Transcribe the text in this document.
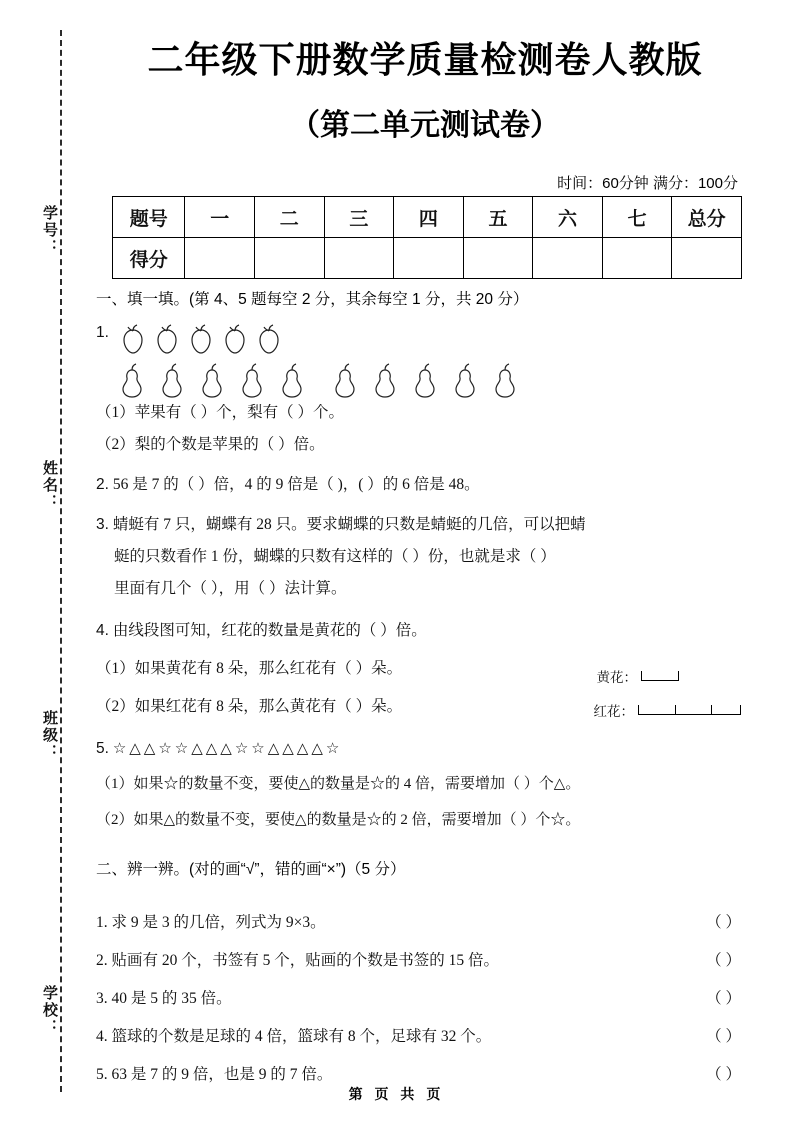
学号：
姓名：
班级：
学校：
二年级下册数学质量检测卷人教版
（第二单元测试卷）
时间：60分钟 满分：100分
题号	一	二	三	四	五	六	七	总分
得分								
一、填一填。(第 4、5 题每空 2 分，其余每空 1 分，共 20 分）
1.
（1）苹果有（ ）个，梨有（ ）个。
（2）梨的个数是苹果的（ ）倍。
2. 56 是 7 的（ ）倍，4 的 9 倍是（ )，( ）的 6 倍是 48。
3. 蜻蜓有 7 只，蝴蝶有 28 只。要求蝴蝶的只数是蜻蜓的几倍，可以把蜻
蜓的只数看作 1 份，蝴蝶的只数有这样的（ ）份，也就是求（ ）
里面有几个（ ），用（ ）法计算。
4. 由线段图可知，红花的数量是黄花的（ ）倍。
（1）如果黄花有 8 朵，那么红花有（ ）朵。
（2）如果红花有 8 朵，那么黄花有（ ）朵。
黄花：
红花：
5. ☆△△☆☆△△△☆☆△△△△☆
（1）如果☆的数量不变，要使△的数量是☆的 4 倍，需要增加（ ）个△。
（2）如果△的数量不变，要使△的数量是☆的 2 倍，需要增加（ ）个☆。
二、辨一辨。(对的画“√”，错的画“×”)（5 分）
1. 求 9 是 3 的几倍，列式为 9×3。	（ ）
2. 贴画有 20 个，书签有 5 个，贴画的个数是书签的 15 倍。	（ ）
3. 40 是 5 的 35 倍。	（ ）
4. 篮球的个数是足球的 4 倍，篮球有 8 个，足球有 32 个。	（ ）
5. 63 是 7 的 9 倍，也是 9 的 7 倍。	（ ）
第 页 共 页
